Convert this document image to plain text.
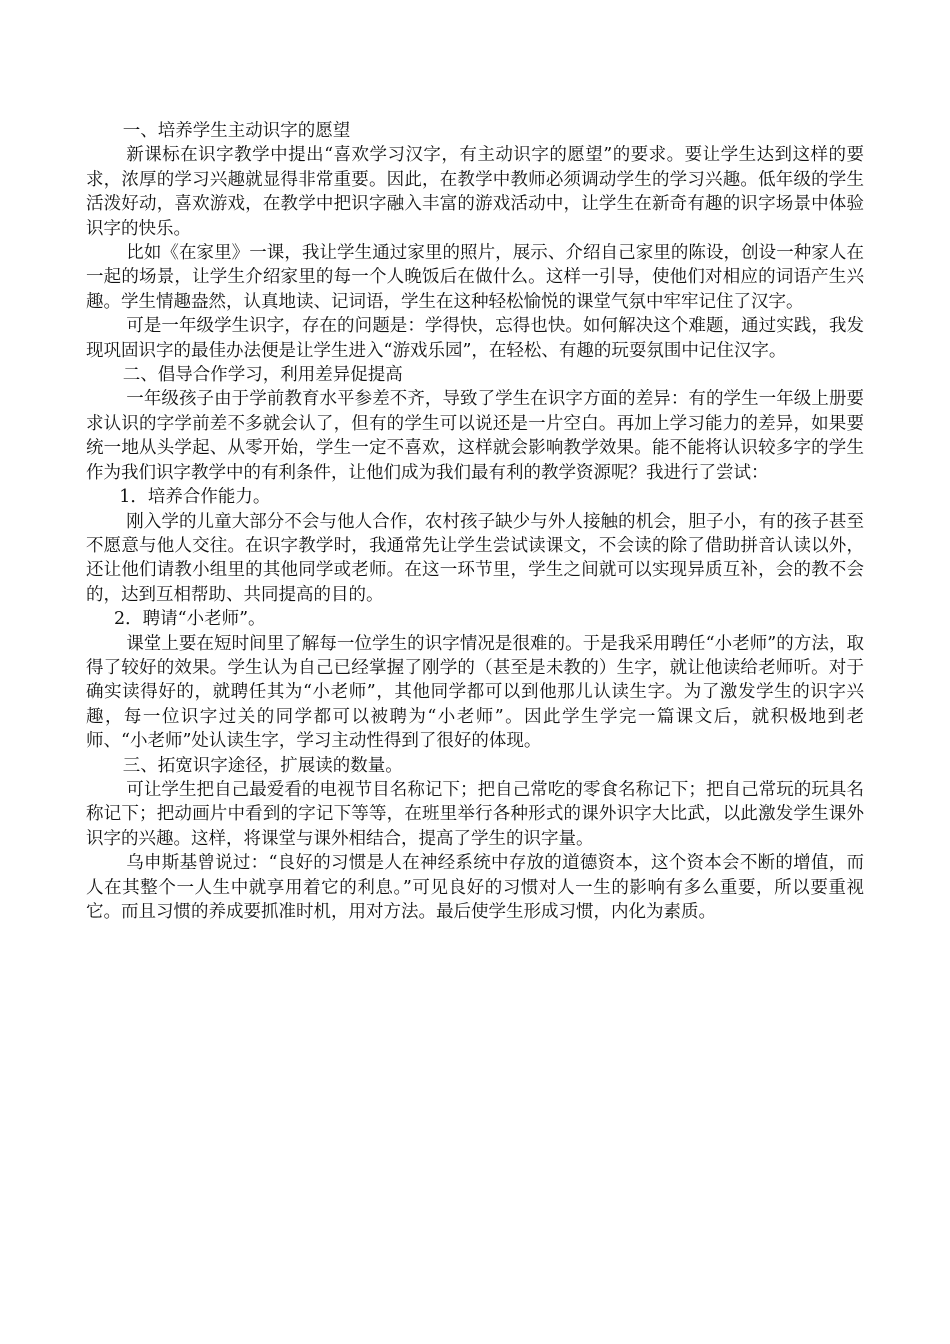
一、培养学生主动识字的愿望

新课标在识字教学中提出“喜欢学习汉字，有主动识字的愿望”的要求。要让学生达到这样的要求，浓厚的学习兴趣就显得非常重要。因此，在教学中教师必须调动学生的学习兴趣。低年级的学生活泼好动，喜欢游戏，在教学中把识字融入丰富的游戏活动中，让学生在新奇有趣的识字场景中体验识字的快乐。

比如《在家里》一课，我让学生通过家里的照片，展示、介绍自己家里的陈设，创设一种家人在一起的场景，让学生介绍家里的每一个人晚饭后在做什么。这样一引导，使他们对相应的词语产生兴趣。学生情趣盎然，认真地读、记词语，学生在这种轻松愉悦的课堂气氛中牢牢记住了汉字。

可是一年级学生识字，存在的问题是：学得快，忘得也快。如何解决这个难题，通过实践，我发现巩固识字的最佳办法便是让学生进入“游戏乐园”，在轻松、有趣的玩耍氛围中记住汉字。

二、倡导合作学习，利用差异促提高

一年级孩子由于学前教育水平参差不齐，导致了学生在识字方面的差异：有的学生一年级上册要求认识的字学前差不多就会认了，但有的学生可以说还是一片空白。再加上学习能力的差异，如果要统一地从头学起、从零开始，学生一定不喜欢，这样就会影响教学效果。能不能将认识较多字的学生作为我们识字教学中的有利条件，让他们成为我们最有利的教学资源呢？我进行了尝试：

1．培养合作能力。

刚入学的儿童大部分不会与他人合作，农村孩子缺少与外人接触的机会，胆子小，有的孩子甚至不愿意与他人交往。在识字教学时，我通常先让学生尝试读课文，不会读的除了借助拼音认读以外，还让他们请教小组里的其他同学或老师。在这一环节里，学生之间就可以实现异质互补，会的教不会的，达到互相帮助、共同提高的目的。

2．聘请“小老师”。

课堂上要在短时间里了解每一位学生的识字情况是很难的。于是我采用聘任“小老师”的方法，取得了较好的效果。学生认为自己已经掌握了刚学的（甚至是未教的）生字，就让他读给老师听。对于确实读得好的，就聘任其为“小老师”，其他同学都可以到他那儿认读生字。为了激发学生的识字兴趣，每一位识字过关的同学都可以被聘为“小老师”。因此学生学完一篇课文后，就积极地到老师、“小老师”处认读生字，学习主动性得到了很好的体现。

三、拓宽识字途径，扩展读的数量。

可让学生把自己最爱看的电视节目名称记下；把自己常吃的零食名称记下；把自己常玩的玩具名称记下；把动画片中看到的字记下等等，在班里举行各种形式的课外识字大比武，以此激发学生课外识字的兴趣。这样，将课堂与课外相结合，提高了学生的识字量。

乌申斯基曾说过：“良好的习惯是人在神经系统中存放的道德资本，这个资本会不断的增值，而人在其整个一人生中就享用着它的利息。”可见良好的习惯对人一生的影响有多么重要，所以要重视它。而且习惯的养成要抓准时机，用对方法。最后使学生形成习惯，内化为素质。
